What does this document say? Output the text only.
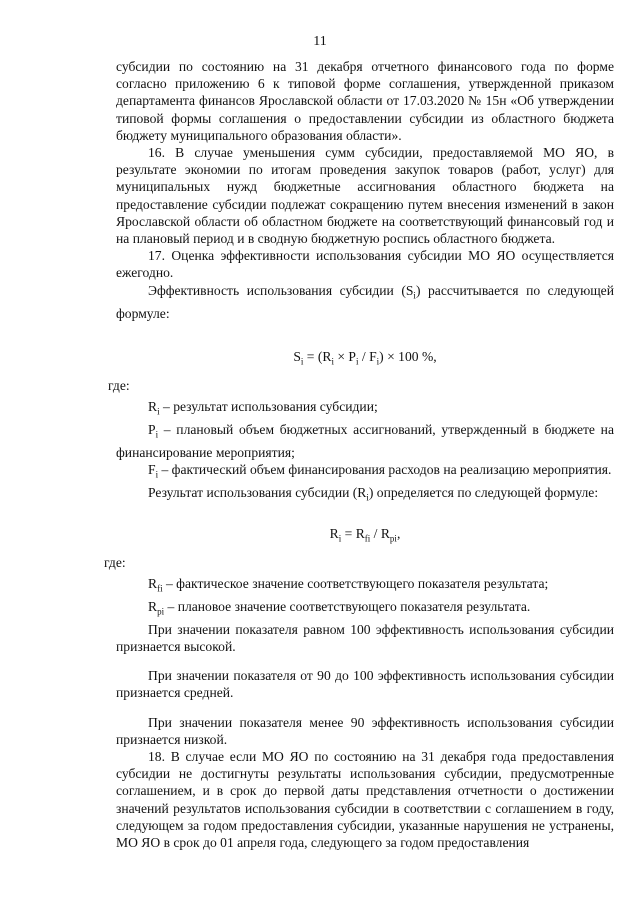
11

субсидии по состоянию на 31 декабря отчетного финансового года по форме согласно приложению 6 к типовой форме соглашения, утвержденной приказом департамента финансов Ярославской области от 17.03.2020 № 15н «Об утверждении типовой формы соглашения о предоставлении субсидии из областного бюджета бюджету муниципального образования области».

16. В случае уменьшения сумм субсидии, предоставляемой МО ЯО, в результате экономии по итогам проведения закупок товаров (работ, услуг) для муниципальных нужд бюджетные ассигнования областного бюджета на предоставление субсидии подлежат сокращению путем внесения изменений в закон Ярославской области об областном бюджете на соответствующий финансовый год и на плановый период и в сводную бюджетную роспись областного бюджета.

17. Оценка эффективности использования субсидии МО ЯО осуществляется ежегодно.

Эффективность использования субсидии $(S_i)$ рассчитывается по следующей формуле:

$S_i = (R_i \times P_i / F_i) \times 100$ %,

где:

$R_i$ – результат использования субсидии;

$P_i$ – плановый объем бюджетных ассигнований, утвержденный в бюджете на финансирование мероприятия;

$F_i$ – фактический объем финансирования расходов на реализацию мероприятия.

Результат использования субсидии $(R_i)$ определяется по следующей формуле:

$R_i = R_{fi} / R_{pi}$,

где:

$R_{fi}$ – фактическое значение соответствующего показателя результата;

$R_{pi}$ – плановое значение соответствующего показателя результата.

При значении показателя равном 100 эффективность использования субсидии признается высокой.

При значении показателя от 90 до 100 эффективность использования субсидии признается средней.

При значении показателя менее 90 эффективность использования субсидии признается низкой.

18. В случае если МО ЯО по состоянию на 31 декабря года предоставления субсидии не достигнуты результаты использования субсидии, предусмотренные соглашением, и в срок до первой даты представления отчетности о достижении значений результатов использования субсидии в соответствии с соглашением в году, следующем за годом предоставления субсидии, указанные нарушения не устранены, МО ЯО в срок до 01 апреля года, следующего за годом предоставления
